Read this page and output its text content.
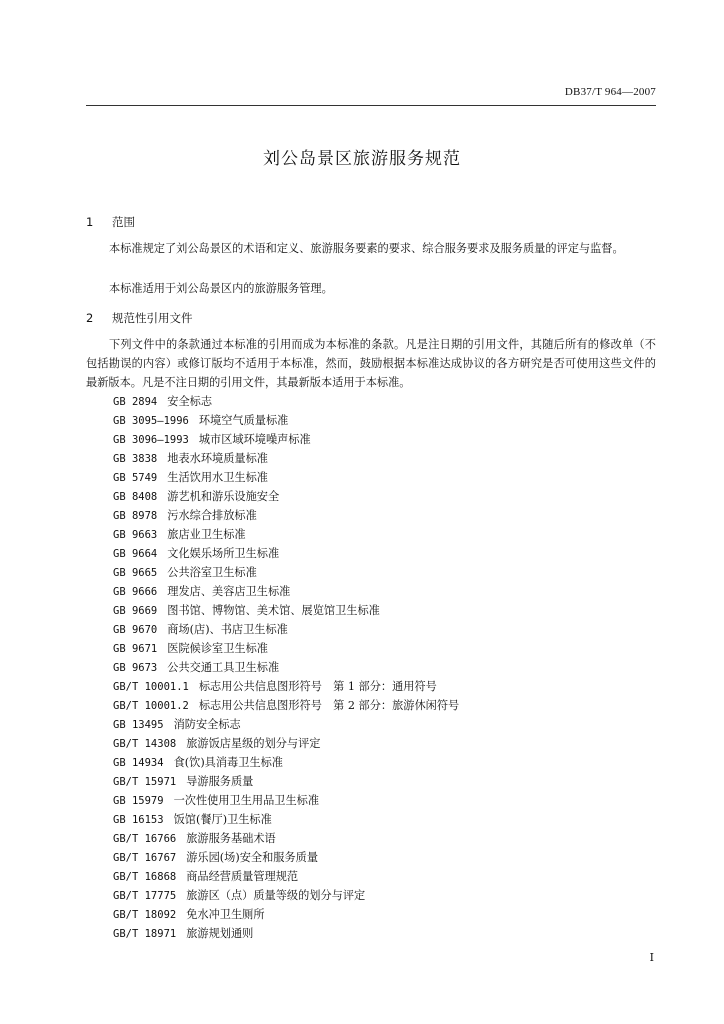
DB37/T 964—2007
刘公岛景区旅游服务规范
1 范围
本标准规定了刘公岛景区的术语和定义、旅游服务要素的要求、综合服务要求及服务质量的评定与监督。
本标准适用于刘公岛景区内的旅游服务管理。
2 规范性引用文件
下列文件中的条款通过本标准的引用而成为本标准的条款。凡是注日期的引用文件，其随后所有的修改单（不包括勘误的内容）或修订版均不适用于本标准，然而，鼓励根据本标准达成协议的各方研究是否可使用这些文件的最新版本。凡是不注日期的引用文件，其最新版本适用于本标准。
GB 2894 安全标志
GB 3095—1996 环境空气质量标准
GB 3096—1993 城市区域环境噪声标准
GB 3838 地表水环境质量标准
GB 5749 生活饮用水卫生标准
GB 8408 游艺机和游乐设施安全
GB 8978 污水综合排放标准
GB 9663 旅店业卫生标准
GB 9664 文化娱乐场所卫生标准
GB 9665 公共浴室卫生标准
GB 9666 理发店、美容店卫生标准
GB 9669 图书馆、博物馆、美术馆、展览馆卫生标准
GB 9670 商场(店)、书店卫生标准
GB 9671 医院候诊室卫生标准
GB 9673 公共交通工具卫生标准
GB/T 10001.1 标志用公共信息图形符号　第 1 部分：通用符号
GB/T 10001.2 标志用公共信息图形符号　第 2 部分：旅游休闲符号
GB 13495 消防安全标志
GB/T 14308 旅游饭店星级的划分与评定
GB 14934 食(饮)具消毒卫生标准
GB/T 15971 导游服务质量
GB 15979 一次性使用卫生用品卫生标准
GB 16153 饭馆(餐厅)卫生标准
GB/T 16766 旅游服务基础术语
GB/T 16767 游乐园(场)安全和服务质量
GB/T 16868 商品经营质量管理规范
GB/T 17775 旅游区（点）质量等级的划分与评定
GB/T 18092 免水冲卫生厕所
GB/T 18971 旅游规划通则
I
